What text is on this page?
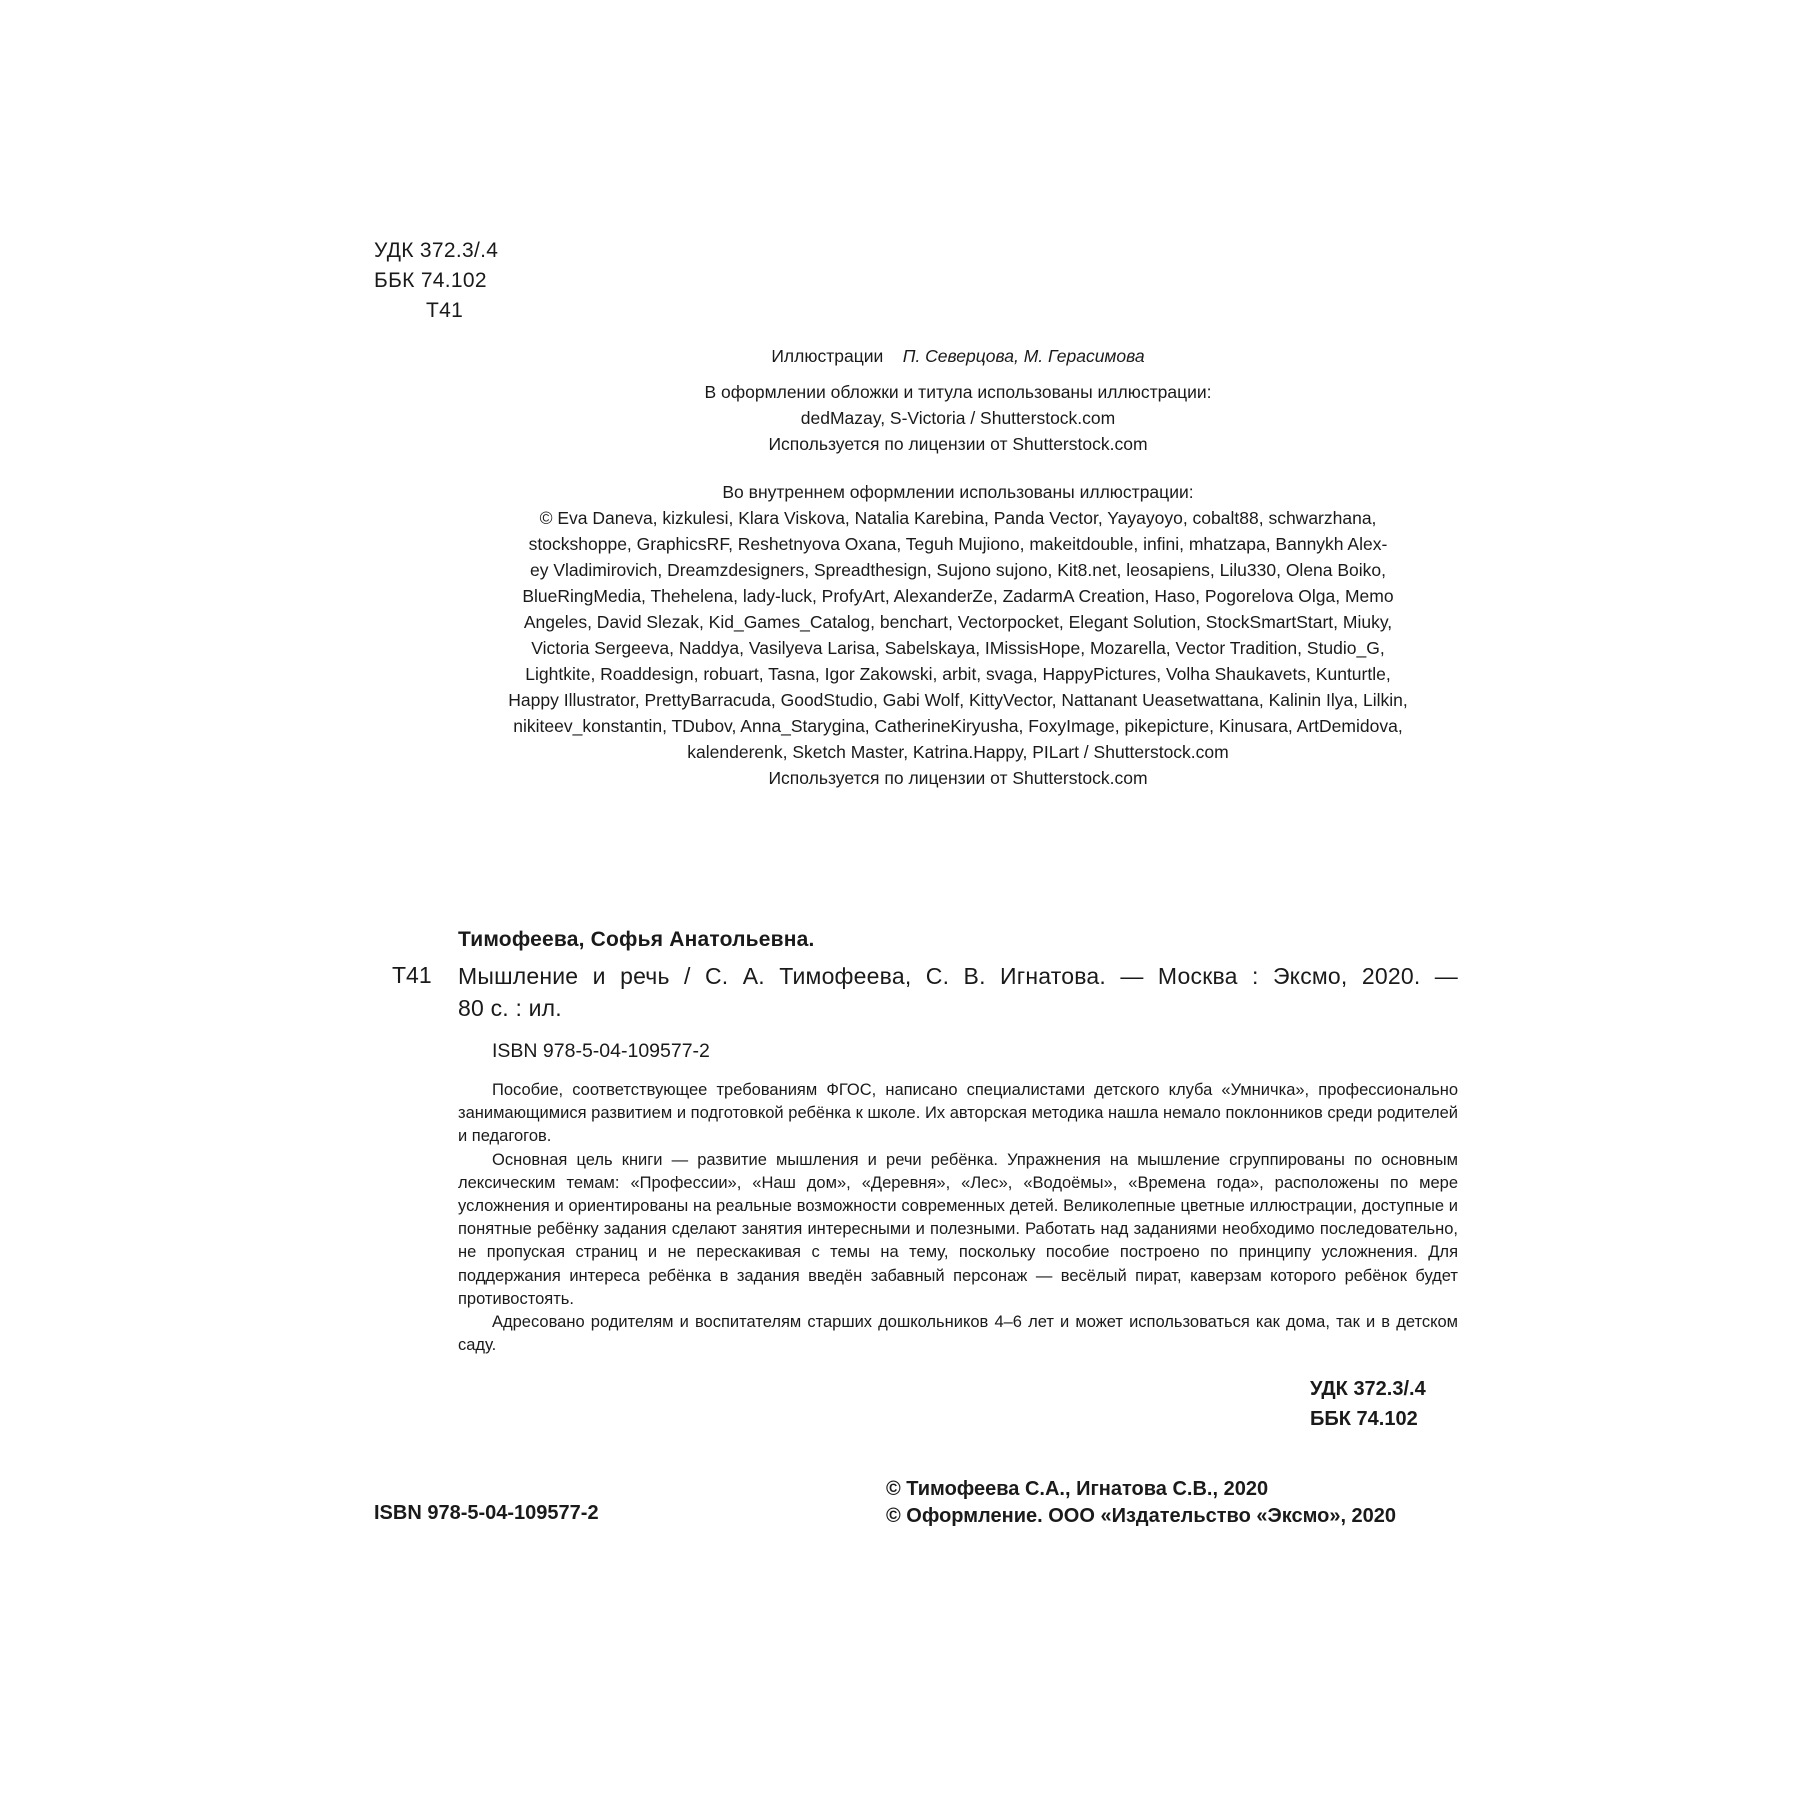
УДК 372.3/.4
ББК 74.102
Т41
Иллюстрации П. Северцова, М. Герасимова
В оформлении обложки и титула использованы иллюстрации:
dedMazay, S-Victoria / Shutterstock.com
Используется по лицензии от Shutterstock.com
Во внутреннем оформлении использованы иллюстрации:
© Eva Daneva, kizkulesi, Klara Viskova, Natalia Karebina, Panda Vector, Yayayoyo, cobalt88, schwarzhana,
stockshoppe, GraphicsRF, Reshetnyova Oxana, Teguh Mujiono, makeitdouble, infini, mhatzapa, Bannykh Alex-
ey Vladimirovich, Dreamzdesigners, Spreadthesign, Sujono sujono, Kit8.net, leosapiens, Lilu330, Olena Boiko,
BlueRingMedia, Thehelena, lady-luck, ProfyArt, AlexanderZe, ZadarmA Creation, Haso, Pogorelova Olga, Memo
Angeles, David Slezak, Kid_Games_Catalog, benchart, Vectorpocket, Elegant Solution, StockSmartStart, Miuky,
Victoria Sergeeva, Naddya, Vasilyeva Larisa, Sabelskaya, IMissisHope, Mozarella, Vector Tradition, Studio_G,
Lightkite, Roaddesign, robuart, Tasna, Igor Zakowski, arbit, svaga, HappyPictures, Volha Shaukavets, Kunturtle,
Happy Illustrator, PrettyBarracuda, GoodStudio, Gabi Wolf, KittyVector, Nattanant Ueasetwattana, Kalinin Ilya, Lilkin,
nikiteev_konstantin, TDubov, Anna_Starygina, CatherineKiryusha, FoxyImage, pikepicture, Kinusara, ArtDemidova,
kalenderenk, Sketch Master, Katrina.Happy, PILart / Shutterstock.com
Используется по лицензии от Shutterstock.com
Тимофеева, Софья Анатольевна.
Т41 Мышление и речь / С. А. Тимофеева, С. В. Игнатова. — Москва : Эксмо, 2020. —
80 с. : ил.
ISBN 978-5-04-109577-2

Пособие, соответствующее требованиям ФГОС, написано специалистами детского клуба «Умничка», профессионально занимающимися развитием и подготовкой ребёнка к школе. Их авторская методика нашла немало поклонников среди родителей и педагогов.

Основная цель книги — развитие мышления и речи ребёнка. Упражнения на мышление сгруппированы по основным лексическим темам: «Профессии», «Наш дом», «Деревня», «Лес», «Водоёмы», «Времена года», расположены по мере усложнения и ориентированы на реальные возможности современных детей. Великолепные цветные иллюстрации, доступные и понятные ребёнку задания сделают занятия интересными и полезными. Работать над заданиями необходимо последовательно, не пропуская страниц и не перескакивая с темы на тему, поскольку пособие построено по принципу усложнения. Для поддержания интереса ребёнка в задания введён забавный персонаж — весёлый пират, каверзам которого ребёнок будет противостоять.

Адресовано родителям и воспитателям старших дошкольников 4–6 лет и может использоваться как дома, так и в детском саду.

УДК 372.3/.4
ББК 74.102
ISBN 978-5-04-109577-2
© Тимофеева С.А., Игнатова С.В., 2020
© Оформление. ООО «Издательство «Эксмо», 2020
